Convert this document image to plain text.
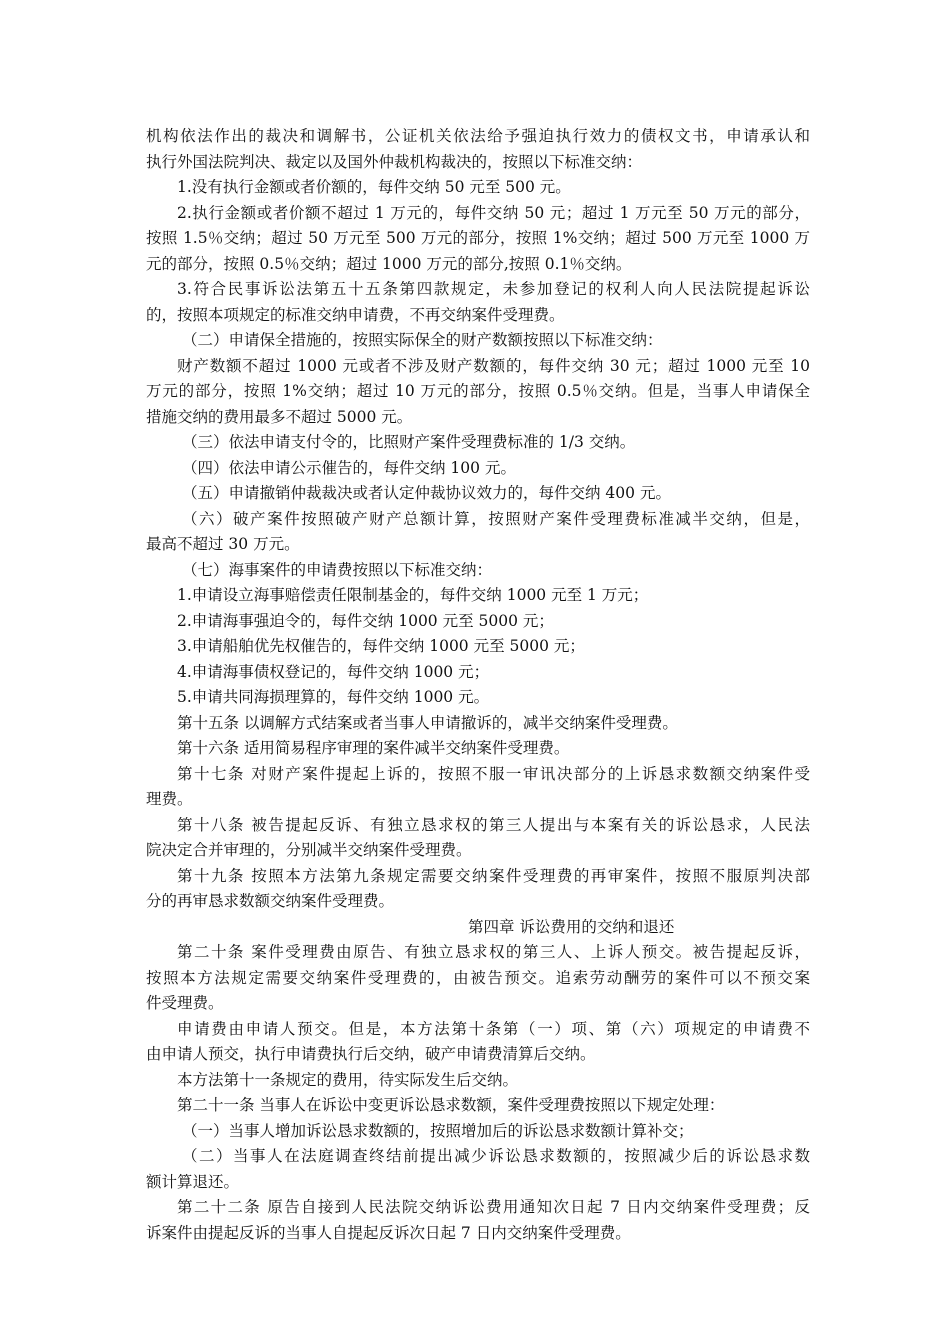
机构依法作出的裁决和调解书，公证机关依法给予强迫执行效力的债权文书，申请承认和
执行外国法院判决、裁定以及国外仲裁机构裁决的，按照以下标准交纳：
1.没有执行金额或者价额的，每件交纳 50 元至 500 元。
2.执行金额或者价额不超过 1 万元的，每件交纳 50 元；超过 1 万元至 50 万元的部分，
按照 1.5％交纳；超过 50 万元至 500 万元的部分，按照 1%交纳；超过 500 万元至 1000 万
元的部分，按照 0.5％交纳；超过 1000 万元的部分,按照 0.1％交纳。
3.符合民事诉讼法第五十五条第四款规定，未参加登记的权利人向人民法院提起诉讼
的，按照本项规定的标准交纳申请费，不再交纳案件受理费。
（二）申请保全措施的，按照实际保全的财产数额按照以下标准交纳：
财产数额不超过 1000 元或者不涉及财产数额的，每件交纳 30 元；超过 1000 元至 10
万元的部分，按照 1%交纳；超过 10 万元的部分，按照 0.5％交纳。但是，当事人申请保全
措施交纳的费用最多不超过 5000 元。
（三）依法申请支付令的，比照财产案件受理费标准的 1/3 交纳。
（四）依法申请公示催告的，每件交纳 100 元。
（五）申请撤销仲裁裁决或者认定仲裁协议效力的，每件交纳 400 元。
（六）破产案件按照破产财产总额计算，按照财产案件受理费标准减半交纳，但是，
最高不超过 30 万元。
（七）海事案件的申请费按照以下标准交纳：
1.申请设立海事赔偿责任限制基金的，每件交纳 1000 元至 1 万元；
2.申请海事强迫令的，每件交纳 1000 元至 5000 元；
3.申请船舶优先权催告的，每件交纳 1000 元至 5000 元；
4.申请海事债权登记的，每件交纳 1000 元；
5.申请共同海损理算的，每件交纳 1000 元。
第十五条 以调解方式结案或者当事人申请撤诉的，减半交纳案件受理费。
第十六条 适用简易程序审理的案件减半交纳案件受理费。
第十七条 对财产案件提起上诉的，按照不服一审讯决部分的上诉恳求数额交纳案件受
理费。
第十八条 被告提起反诉、有独立恳求权的第三人提出与本案有关的诉讼恳求，人民法
院决定合并审理的，分别减半交纳案件受理费。
第十九条 按照本方法第九条规定需要交纳案件受理费的再审案件，按照不服原判决部
分的再审恳求数额交纳案件受理费。
第四章 诉讼费用的交纳和退还
第二十条 案件受理费由原告、有独立恳求权的第三人、上诉人预交。被告提起反诉，
按照本方法规定需要交纳案件受理费的，由被告预交。追索劳动酬劳的案件可以不预交案
件受理费。
申请费由申请人预交。但是，本方法第十条第（一）项、第（六）项规定的申请费不
由申请人预交，执行申请费执行后交纳，破产申请费清算后交纳。
本方法第十一条规定的费用，待实际发生后交纳。
第二十一条 当事人在诉讼中变更诉讼恳求数额，案件受理费按照以下规定处理：
（一）当事人增加诉讼恳求数额的，按照增加后的诉讼恳求数额计算补交；
（二）当事人在法庭调查终结前提出减少诉讼恳求数额的，按照减少后的诉讼恳求数
额计算退还。
第二十二条 原告自接到人民法院交纳诉讼费用通知次日起 7 日内交纳案件受理费；反
诉案件由提起反诉的当事人自提起反诉次日起 7 日内交纳案件受理费。
